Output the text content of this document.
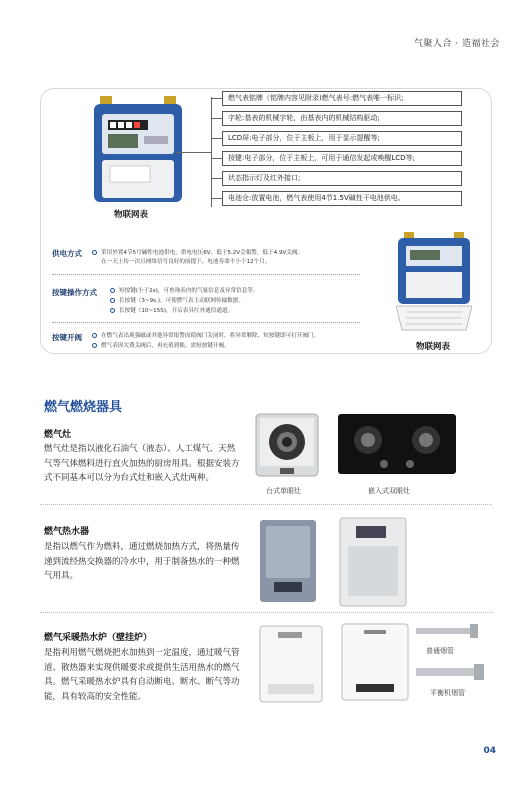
气聚人合 · 造福社会
物联网表
燃气表铭牌（铭牌内容见附录)燃气表号:燃气表唯一标识;
字轮:基表的机械字轮，由基表内的机械结构驱动;
LCD屏:电子部分，位于主板上，用于显示提醒等;
按键:电子部分，位于主板上，可用于通信发起或唤醒LCD等;
状态指示灯及红外接口;
电池仓:放置电池，燃气表使用4节1.5V碱性干电池供电。
供电方式	采用外置4节5号碱性电池供电，供电电压6V，低于5.2V会報警，低于4.9V关阀。
在一天上传一次且网络信号良好的前提下，电池寿命不小于12个月。
按键操作方式	短按键(小于2s)，可查询表内的气量信息及异常信息等。
长按键（3~9s.)，可使燃气表主动联网传输数据。
长按键（10~15S)，开启表具红外通信通道。
按键开阀	在燃气表出现强磁或其他异常报警而使阀门关闭时，将异常解除，短按键即可打开阀门。
燃气表因欠费关阀后，再充值到账，需短按键开阀。	物联网表
燃气燃烧器具
燃气灶
燃气灶是指以液化石油气（液态）、人工煤气、天然气等气体燃料进行直火加热的厨房用具。根据安装方式不同基本可以分为台式灶和嵌入式灶两种。
台式单眼灶	嵌入式双眼灶
燃气热水器
是指以燃气作为燃料，通过燃烧加热方式，将热量传递到流经热交换器的冷水中，用于制备热水的一种燃气用具。
燃气采暖热水炉（壁挂炉）
是指利用燃气燃烧把水加热到一定温度，通过暖气管道、散热器来实现供暖要求或提供生活用热水的燃气具。燃气采暖热水炉具有自动断电、断水、断气等功能，具有较高的安全性能。
普通烟管
平衡机烟管
04
